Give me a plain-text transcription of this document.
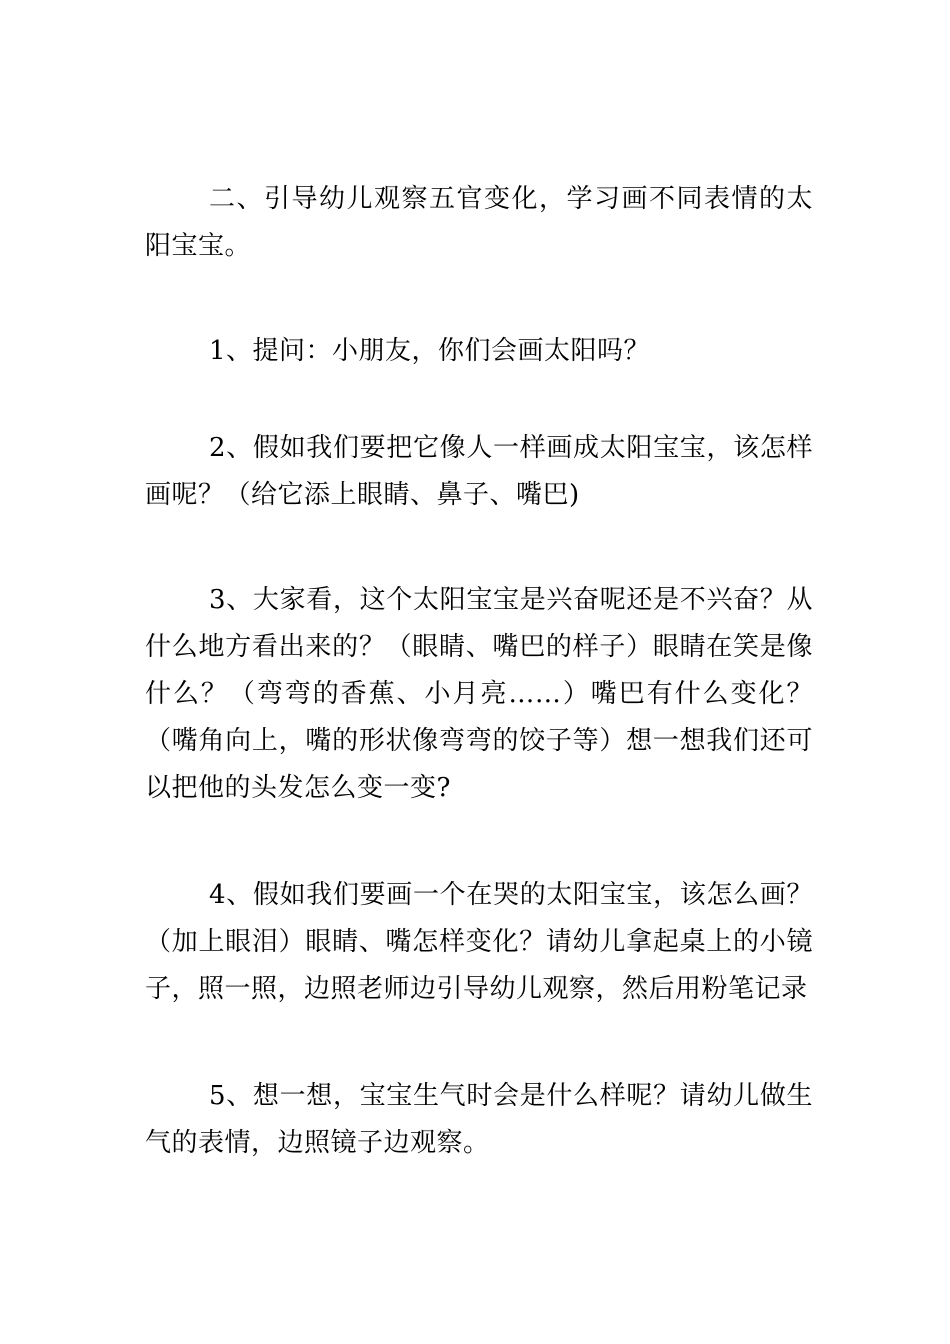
二、引导幼儿观察五官变化，学习画不同表情的太阳宝宝。

1、提问：小朋友，你们会画太阳吗？

2、假如我们要把它像人一样画成太阳宝宝，该怎样画呢？（给它添上眼睛、鼻子、嘴巴)

3、大家看，这个太阳宝宝是兴奋呢还是不兴奋？从什么地方看出来的？（眼睛、嘴巴的样子）眼睛在笑是像什么？（弯弯的香蕉、小月亮……）嘴巴有什么变化？（嘴角向上，嘴的形状像弯弯的饺子等）想一想我们还可以把他的头发怎么变一变?

4、假如我们要画一个在哭的太阳宝宝，该怎么画？（加上眼泪）眼睛、嘴怎样变化？请幼儿拿起桌上的小镜子，照一照，边照老师边引导幼儿观察，然后用粉笔记录

5、想一想，宝宝生气时会是什么样呢？请幼儿做生气的表情，边照镜子边观察。
